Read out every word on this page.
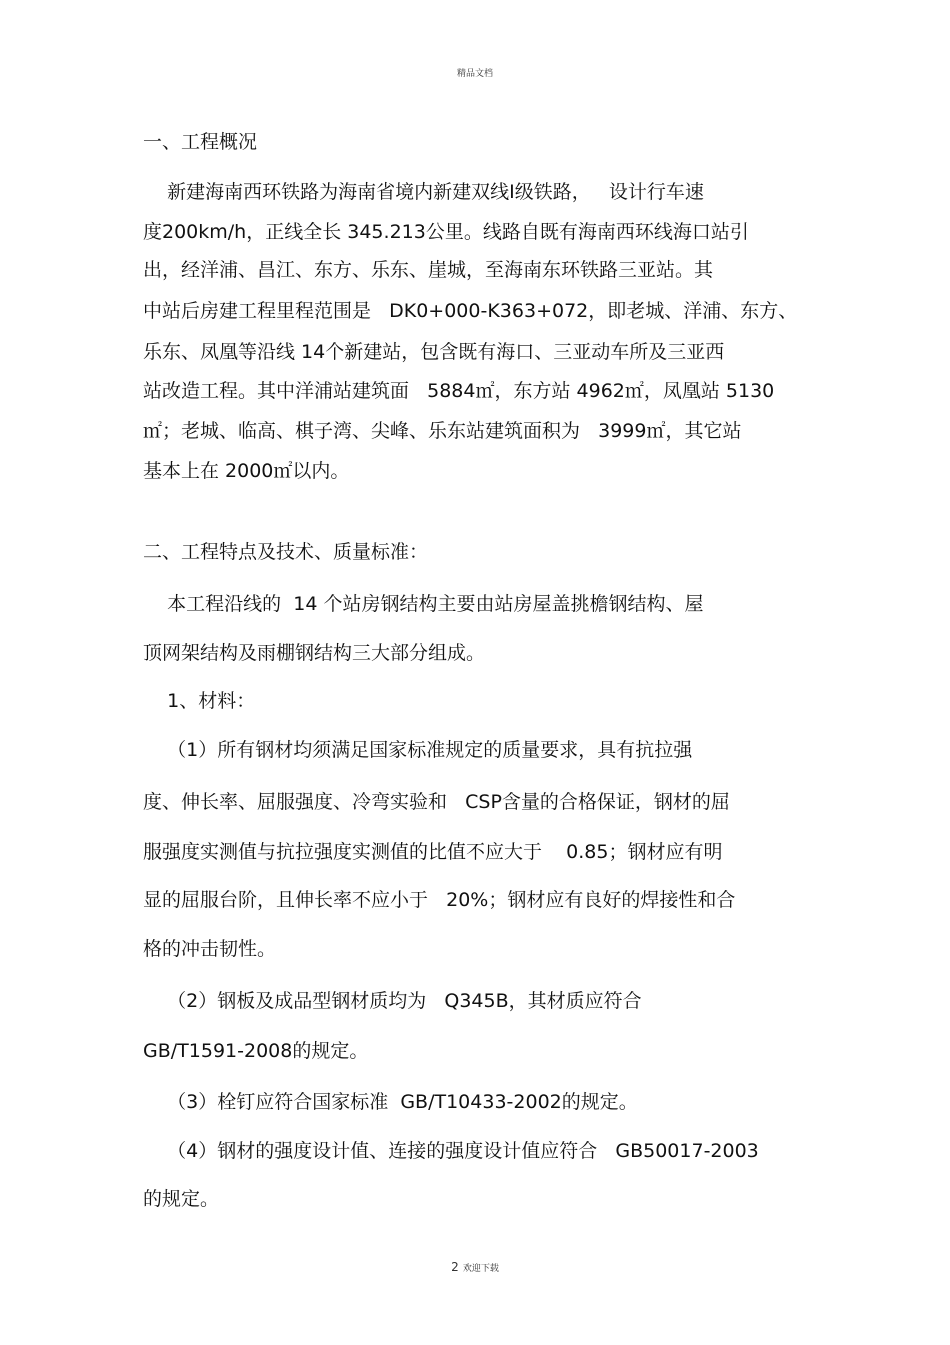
精品文档
一、工程概况
新建海南西环铁路为海南省境内新建双线Ⅰ级铁路，   设计行车速
度200km/h，正线全长 345.213公里。线路自既有海南西环线海口站引
出，经洋浦、昌江、东方、乐东、崖城，至海南东环铁路三亚站。其
中站后房建工程里程范围是   DK0+000-K363+072，即老城、洋浦、东方、
乐东、凤凰等沿线 14个新建站，包含既有海口、三亚动车所及三亚西
站改造工程。其中洋浦站建筑面   5884㎡，东方站 4962㎡，凤凰站 5130
㎡；老城、临高、棋子湾、尖峰、乐东站建筑面积为   3999㎡，其它站
基本上在 2000㎡以内。
二、工程特点及技术、质量标准：
本工程沿线的  14 个站房钢结构主要由站房屋盖挑檐钢结构、屋
顶网架结构及雨棚钢结构三大部分组成。
1、材料：
（1）所有钢材均须满足国家标准规定的质量要求，具有抗拉强
度、伸长率、屈服强度、冷弯实验和   CSP含量的合格保证，钢材的屈
服强度实测值与抗拉强度实测值的比值不应大于    0.85；钢材应有明
显的屈服台阶，且伸长率不应小于   20%；钢材应有良好的焊接性和合
格的冲击韧性。
（2）钢板及成品型钢材质均为   Q345B，其材质应符合
GB/T1591-2008的规定。
（3）栓钉应符合国家标准  GB/T10433-2002的规定。
（4）钢材的强度设计值、连接的强度设计值应符合   GB50017-2003
的规定。
2 欢迎下载
